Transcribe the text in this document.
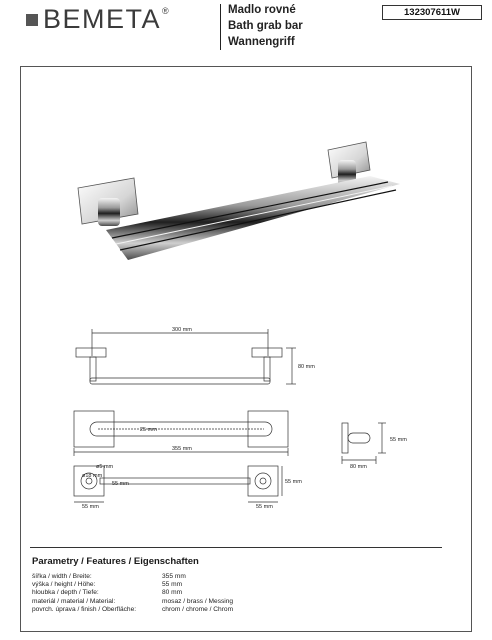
BEMETA ®	Madlo rovné
Bath grab bar
Wannengriff
132307611W
300 mm
80 mm
25 mm
355 mm
ø18 mm
ø5 mm
55 mm
55 mm	55 mm
55 mm
55 mm
80 mm
Parametry / Features / Eigenschaften
šířka / width / Breite:	355 mm
výška / height / Höhe:	55 mm
hloubka / depth / Tiefe:	80 mm
materiál / material / Material:	mosaz / brass / Messing
povrch. úprava / finish / Oberfläche:	chrom / chrome / Chrom
